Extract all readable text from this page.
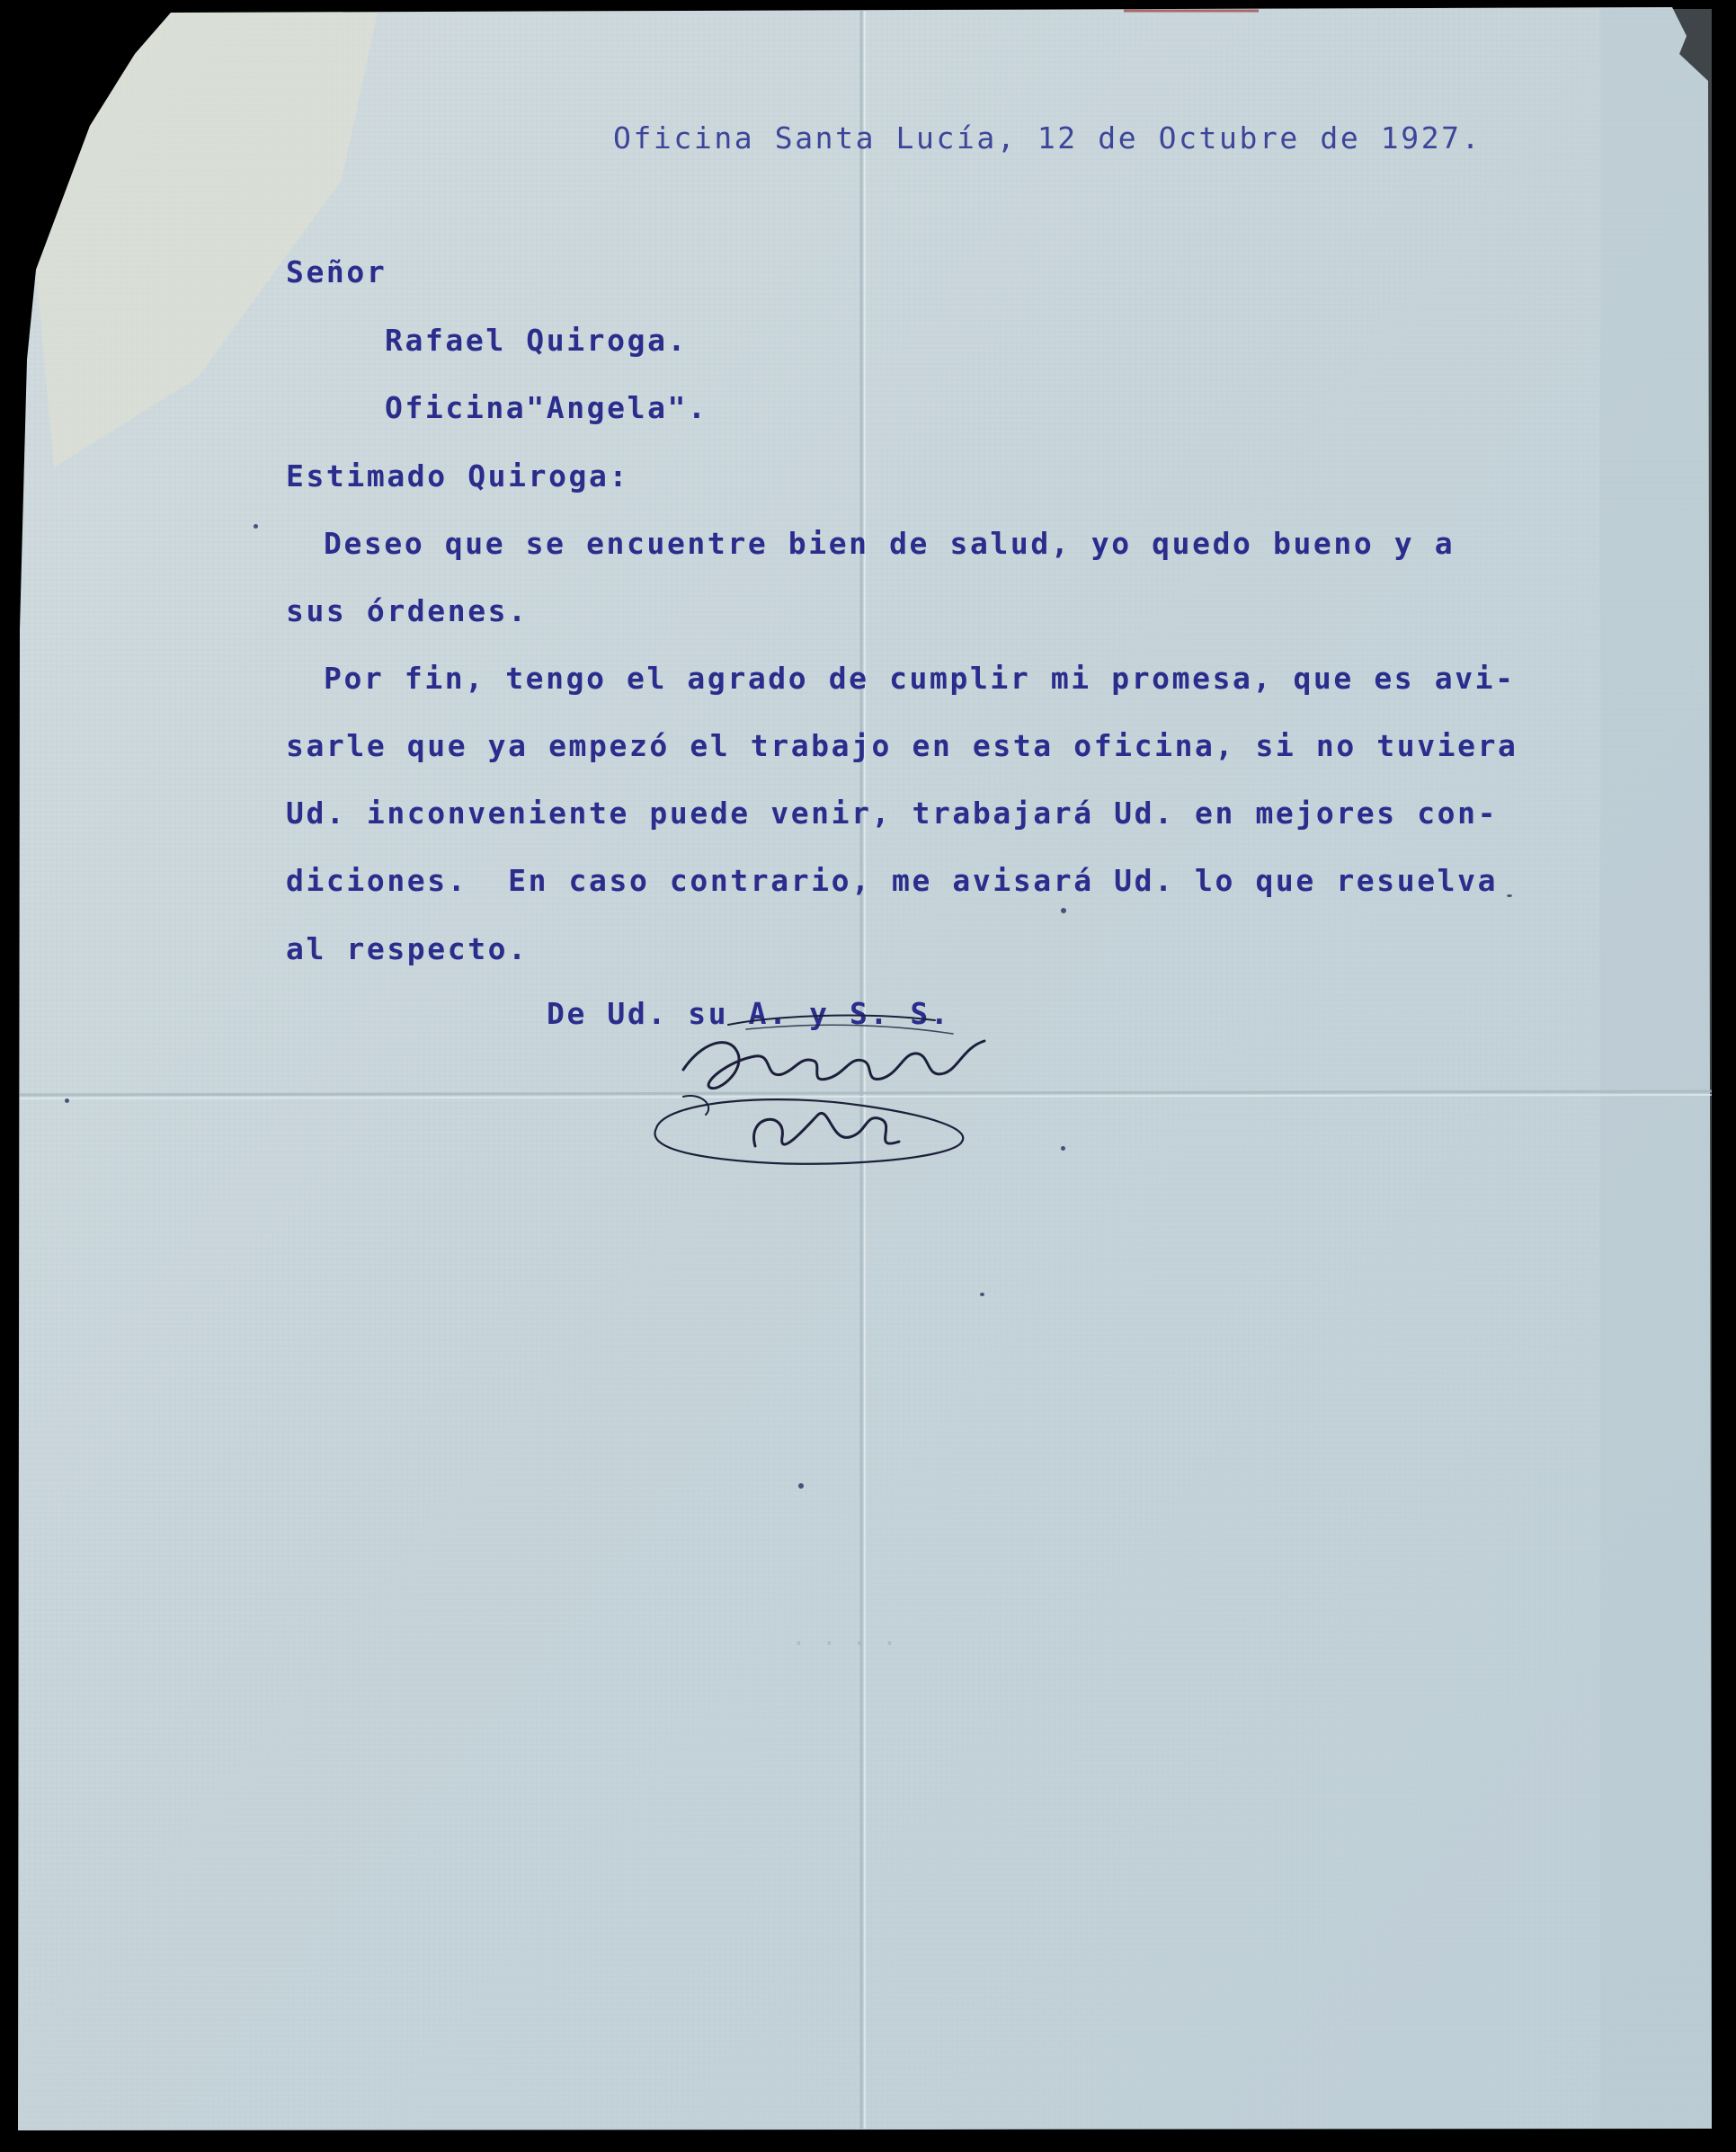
. . . .
Oficina Santa Lucía, 12 de Octubre de 1927.
Señor
Rafael Quiroga.
Oficina"Angela".
Estimado Quiroga:
Deseo que se encuentre bien de salud, yo quedo bueno y a
sus órdenes.
Por fin, tengo el agrado de cumplir mi promesa, que es avi-
sarle que ya empezó el trabajo en esta oficina, si no tuviera
Ud. inconveniente puede venir, trabajará Ud. en mejores con-
diciones.  En caso contrario, me avisará Ud. lo que resuelva
al respecto.
De Ud. su A. y S. S.
